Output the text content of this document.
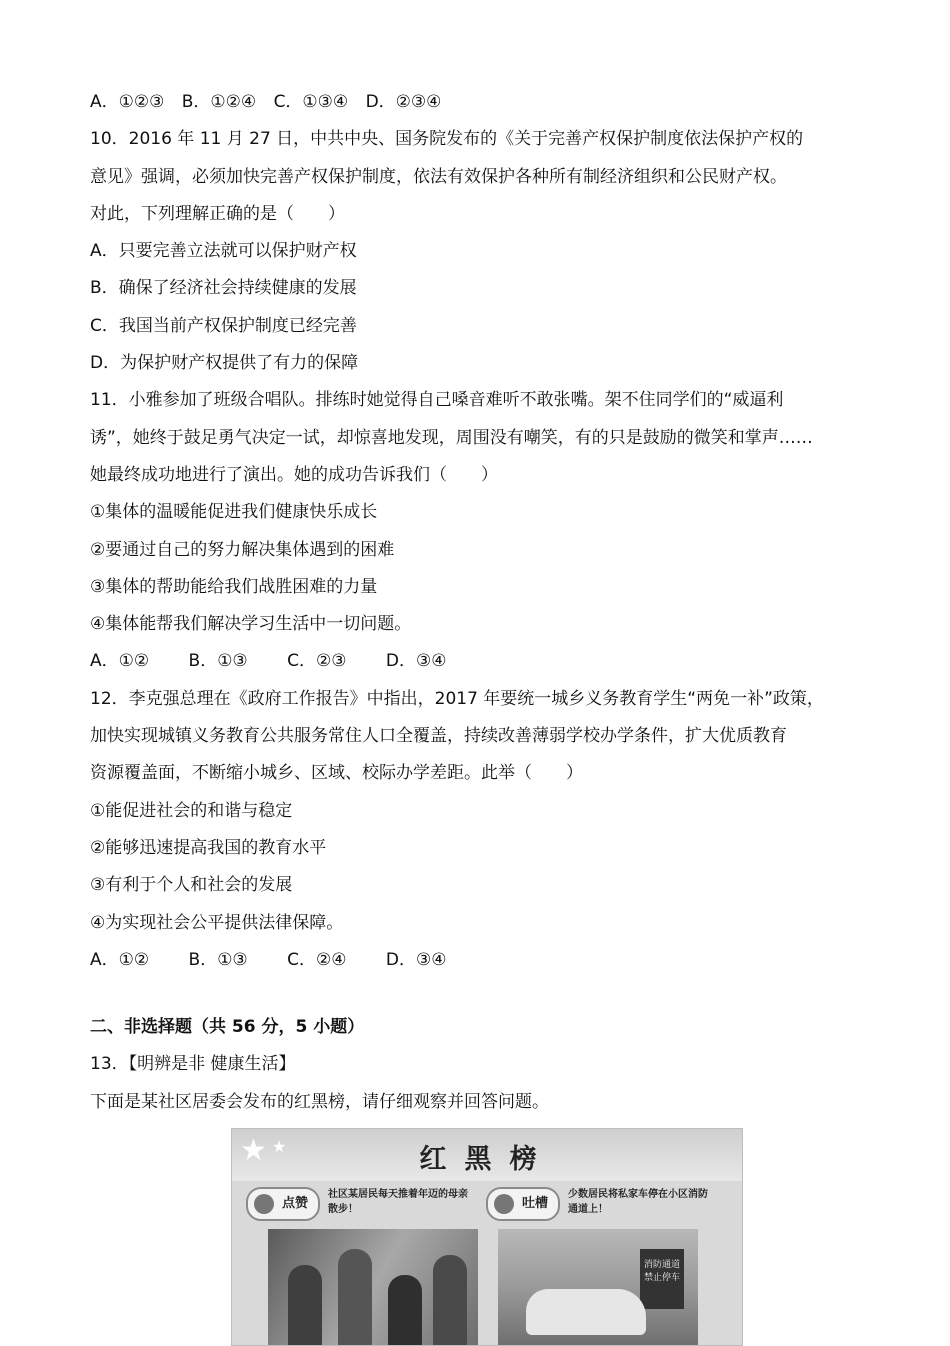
A．①②③ B．①②④ C．①③④ D．②③④
10．2016 年 11 月 27 日，中共中央、国务院发布的《关于完善产权保护制度依法保护产权的
意见》强调，必须加快完善产权保护制度，依法有效保护各种所有制经济组织和公民财产权。
对此，下列理解正确的是（　　）
A．只要完善立法就可以保护财产权
B．确保了经济社会持续健康的发展
C．我国当前产权保护制度已经完善
D．为保护财产权提供了有力的保障
11．小雅参加了班级合唱队。排练时她觉得自己嗓音难听不敢张嘴。架不住同学们的“威逼利
诱”，她终于鼓足勇气决定一试，却惊喜地发现，周围没有嘲笑，有的只是鼓励的微笑和掌声……
她最终成功地进行了演出。她的成功告诉我们（　　）
①集体的温暖能促进我们健康快乐成长
②要通过自己的努力解决集体遇到的困难
③集体的帮助能给我们战胜困难的力量
④集体能帮我们解决学习生活中一切问题。
A．①② B．①③ C．②③ D．③④
12．李克强总理在《政府工作报告》中指出，2017 年要统一城乡义务教育学生“两免一补”政策，
加快实现城镇义务教育公共服务常住人口全覆盖，持续改善薄弱学校办学条件，扩大优质教育
资源覆盖面，不断缩小城乡、区域、校际办学差距。此举（　　）
①能促进社会的和谐与稳定
②能够迅速提高我国的教育水平
③有利于个人和社会的发展
④为实现社会公平提供法律保障。
A．①② B．①③ C．②④ D．③④
二、非选择题（共 56 分，5 小题）
13．【明辨是非 健康生活】
下面是某社区居委会发布的红黑榜，请仔细观察并回答问题。
★ ★	红黑榜
点赞
社区某居民每天推着年迈的母亲散步！	吐槽
少数居民将私家车停在小区消防通道上！
消防通道 禁止停车
